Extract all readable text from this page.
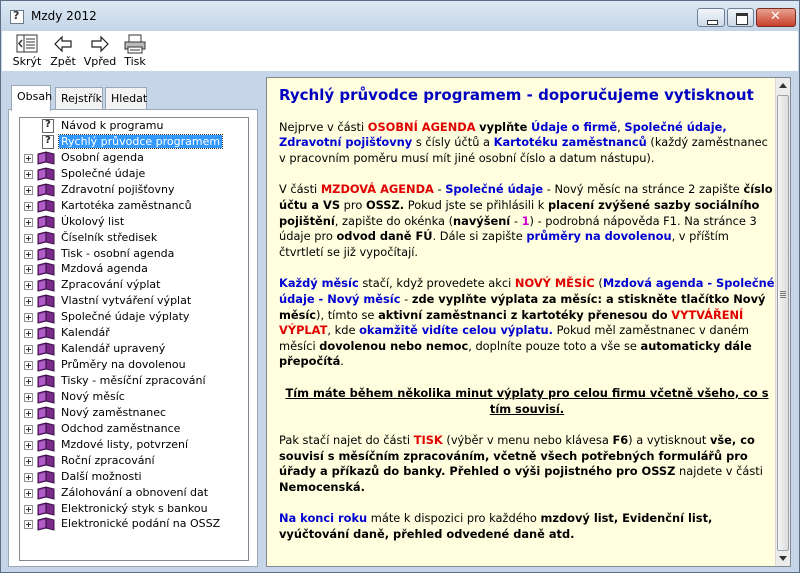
?
Mzdy 2012
✕
Skrýt Zpět Vpřed Tisk
Obsah Rejstřík Hledat
?
Návod k programu
?
Rychlý průvodce programem
Osobní agenda
Společné údaje
Zdravotní pojišťovny
Kartotéka zaměstnanců
Úkolový list
Číselník středisek
Tisk - osobní agenda
Mzdová agenda
Zpracování výplat
Vlastní vytváření výplat
Společné údaje výplaty
Kalendář
Kalendář upravený
Průměry na dovolenou
Tisky - měsíční zpracování
Nový měsíc
Nový zaměstnanec
Odchod zaměstnance
Mzdové listy, potvrzení
Roční zpracování
Další možnosti
Zálohování a obnovení dat
Elektronický styk s bankou
Elektronické podání na OSSZ
Rychlý průvodce programem - doporučujeme vytisknout

Nejprve v části OSOBNÍ AGENDA vyplňte Údaje o firmě, Společné údaje, Zdravotní pojišťovny s čísly účtů a Kartotéku zaměstnanců (každý zaměstnanec v pracovním poměru musí mít jiné osobní číslo a datum nástupu).

V části MZDOVÁ AGENDA - Společné údaje - Nový měsíc na stránce 2 zapište číslo účtu a VS pro OSSZ. Pokud jste se přihlásili k placení zvýšené sazby sociálního pojištění, zapište do okénka (navýšení - 1) - podrobná nápověda F1. Na stránce 3 údaje pro odvod daně FÚ. Dále si zapište průměry na dovolenou, v příštím čtvrtletí se již vypočítají.

Každý měsíc stačí, když provedete akci NOVÝ MĚSÍC (Mzdová agenda - Společné údaje - Nový měsíc - zde vyplňte výplata za měsíc: a stiskněte tlačítko Nový měsíc), tímto se aktivní zaměstnanci z kartotéky přenesou do VYTVÁŘENÍ VÝPLAT, kde okamžitě vidíte celou výplatu. Pokud měl zaměstnanec v daném měsíci dovolenou nebo nemoc, doplníte pouze toto a vše se automaticky dále přepočítá.

Tím máte během několika minut výplaty pro celou firmu včetně všeho, co s tím souvisí.

Pak stačí najet do části TISK (výběr v menu nebo klávesa F6) a vytisknout vše, co souvisí s měsíčním zpracováním, včetně všech potřebných formulářů pro úřady a příkazů do banky. Přehled o výši pojistného pro OSSZ najdete v části Nemocenská.

Na konci roku máte k dispozici pro každého mzdový list, Evidenční list, vyúčtování daně, přehled odvedené daně atd.
